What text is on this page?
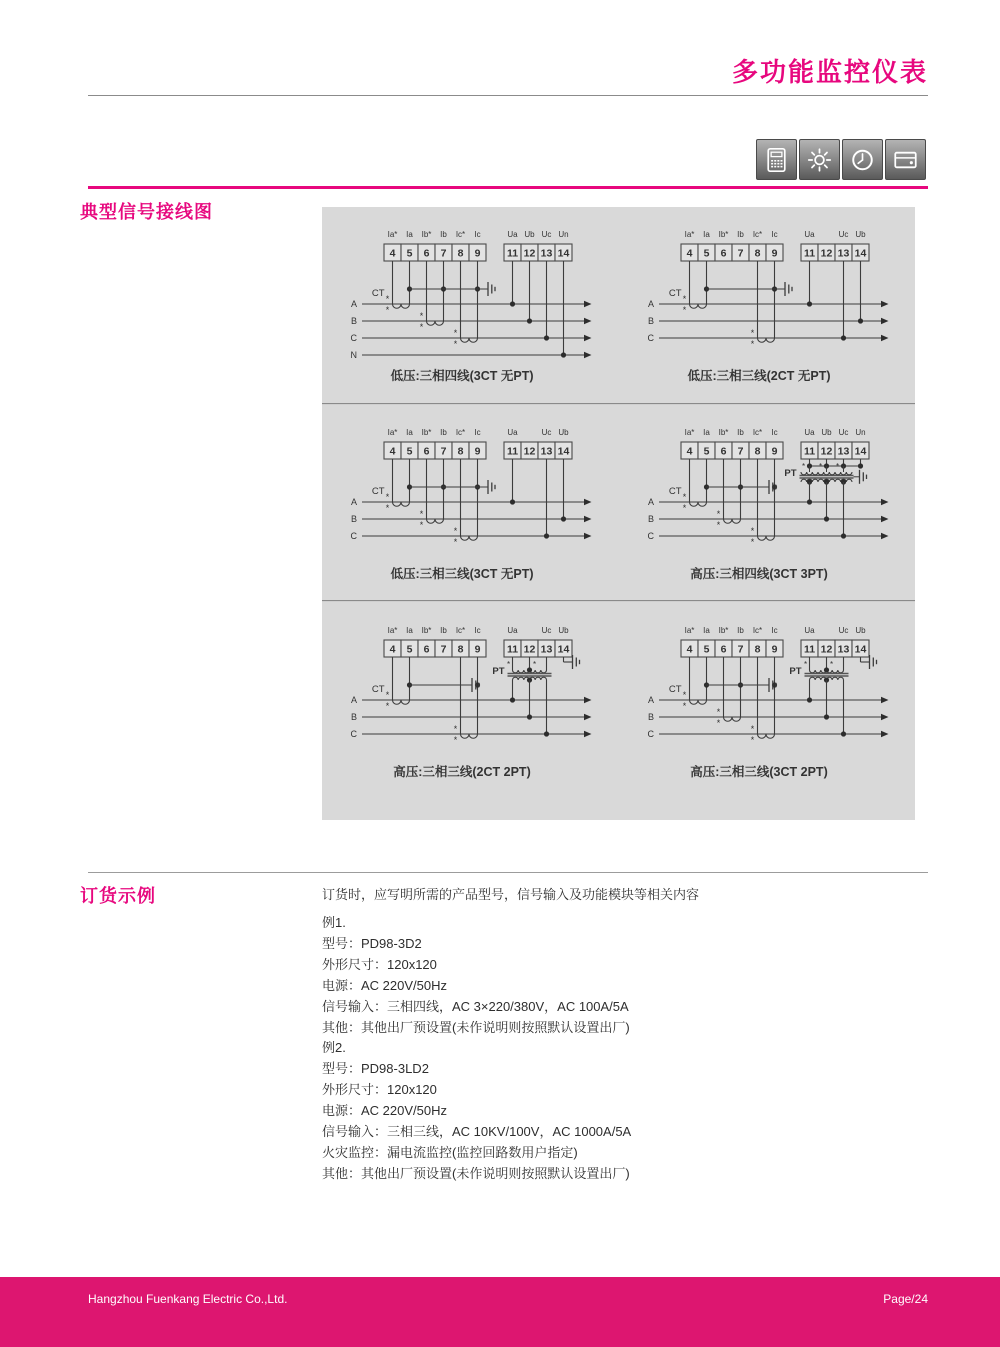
多功能监控仪表
典型信号接线图
4
Ia*
5
Ia
6
Ib*
7
Ib
8
Ic*
9
Ic
11
Ua
12
Ub
13
Uc
14
Un
A
B
C
N
*
*
CT
*
*
*
*
低压:三相四线(3CT 无PT)
4
Ia*
5
Ia
6
Ib*
7
Ib
8
Ic*
9
Ic
11
Ua
12 13
Uc
14
Ub
A
B
C
*
*
CT
*
*
低压:三相三线(2CT 无PT)
4
Ia*
5
Ia
6
Ib*
7
Ib
8
Ic*
9
Ic
11
Ua
12 13
Uc
14
Ub
A
B
C
*
*
CT
*
*
*
*
低压:三相三线(3CT 无PT)
4
Ia*
5
Ia
6
Ib*
7
Ib
8
Ic*
9
Ic
11
Ua
12
Ub
13
Uc
14
Un
A
B
C
*
*
CT
*
*
*
*
* * *
PT
高压:三相四线(3CT 3PT)
4
Ia*
5
Ia
6
Ib*
7
Ib
8
Ic*
9
Ic
11
Ua
12 13
Uc
14
Ub
A
B
C
*
*
CT
*
*
*	*
PT
高压:三相三线(2CT 2PT)
4
Ia*
5
Ia
6
Ib*
7
Ib
8
Ic*
9
Ic
11
Ua
12 13
Uc
14
Ub
A
B
C
*
*
CT
*
*
*
*
*	*
PT
高压:三相三线(3CT 2PT)
订货示例	订货时，应写明所需的产品型号，信号输入及功能模块等相关内容

例1.

型号：PD98-3D2

外形尺寸：120x120

电源：AC 220V/50Hz

信号输入：三相四线，AC 3×220/380V，AC 100A/5A

其他：其他出厂预设置(未作说明则按照默认设置出厂)

例2.

型号：PD98-3LD2

外形尺寸：120x120

电源：AC 220V/50Hz

信号输入：三相三线，AC 10KV/100V，AC 1000A/5A

火灾监控：漏电流监控(监控回路数用户指定)

其他：其他出厂预设置(未作说明则按照默认设置出厂)

Hangzhou Fuenkang Electric Co.,Ltd.	Page/24
